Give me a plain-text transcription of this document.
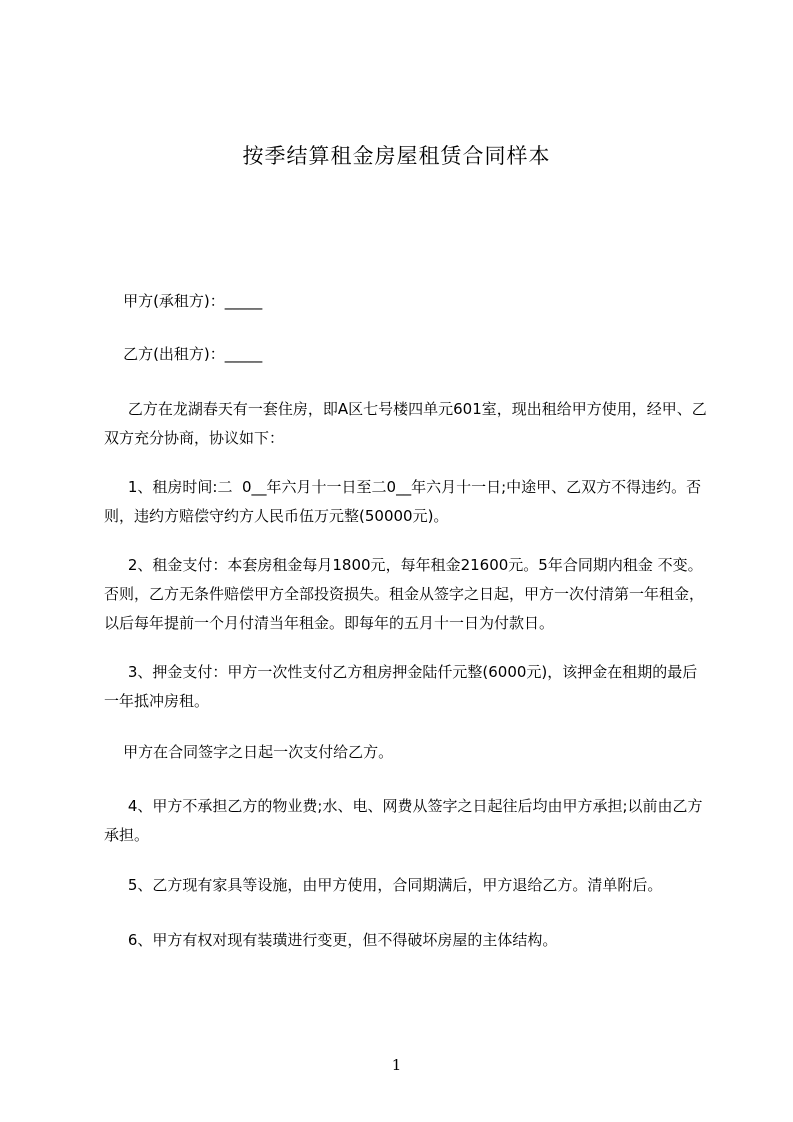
按季结算租金房屋租赁合同样本

甲方(承租方)：_____

乙方(出租方)：_____

乙方在龙湖春天有一套住房，即A区七号楼四单元601室，现出租给甲方使用，经甲、乙双方充分协商，协议如下：

1、租房时间:二  0__年六月十一日至二0__年六月十一日;中途甲、乙双方不得违约。否则，违约方赔偿守约方人民币伍万元整(50000元)。

2、租金支付：本套房租金每月1800元，每年租金21600元。5年合同期内租金 不变。否则，乙方无条件赔偿甲方全部投资损失。租金从签字之日起，甲方一次付清第一年租金，以后每年提前一个月付清当年租金。即每年的五月十一日为付款日。

3、押金支付：甲方一次性支付乙方租房押金陆仟元整(6000元)，该押金在租期的最后一年抵冲房租。

甲方在合同签字之日起一次支付给乙方。

4、甲方不承担乙方的物业费;水、电、网费从签字之日起往后均由甲方承担;以前由乙方承担。

5、乙方现有家具等设施，由甲方使用，合同期满后，甲方退给乙方。清单附后。

6、甲方有权对现有装璜进行变更，但不得破坏房屋的主体结构。

1
